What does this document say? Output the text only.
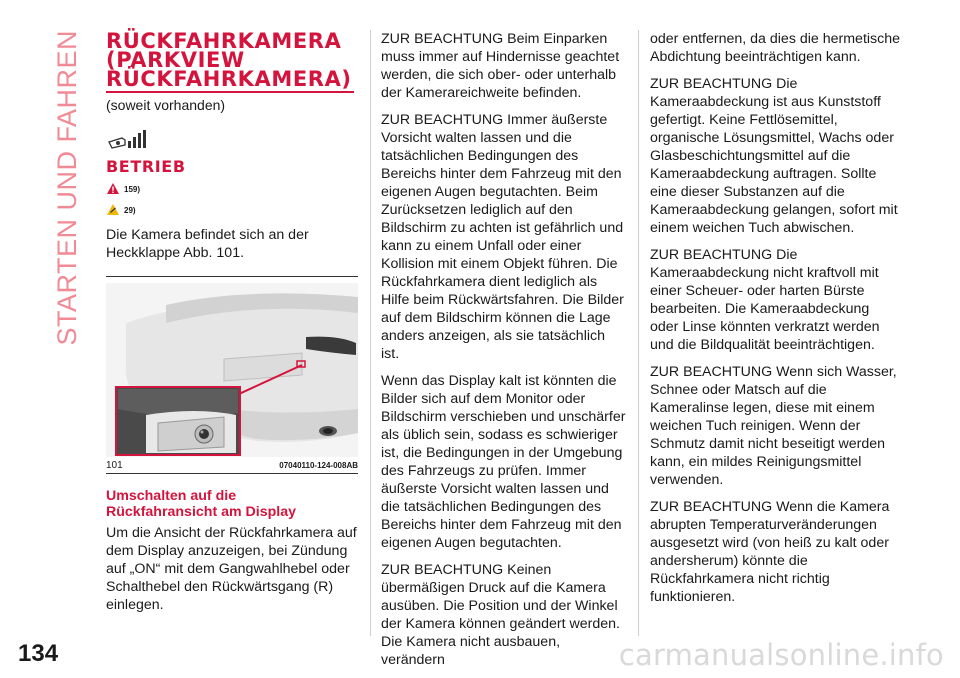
STARTEN UND FAHREN RÜCKFAHRKAMERA
(PARKVIEW
RÜCKFAHRKAMERA)
(soweit vorhanden)
BETRIEB
159)
29)
Die Kamera befindet sich an der Heckklappe Abb. 101.
101	07040110-124-008AB
Umschalten auf die
Rückfahransicht am Display
Um die Ansicht der Rückfahrkamera auf dem Display anzuzeigen, bei Zündung auf „ON“ mit dem Gangwahlhebel oder Schalthebel den Rückwärtsgang (R) einlegen.

ZUR BEACHTUNG Beim Einparken muss immer auf Hindernisse geachtet werden, die sich ober- oder unterhalb der Kamerareichweite befinden.

ZUR BEACHTUNG Immer äußerste Vorsicht walten lassen und die tatsächlichen Bedingungen des Bereichs hinter dem Fahrzeug mit den eigenen Augen begutachten. Beim Zurücksetzen lediglich auf den Bildschirm zu achten ist gefährlich und kann zu einem Unfall oder einer Kollision mit einem Objekt führen. Die Rückfahrkamera dient lediglich als Hilfe beim Rückwärtsfahren. Die Bilder auf dem Bildschirm können die Lage anders anzeigen, als sie tatsächlich ist.

Wenn das Display kalt ist könnten die Bilder sich auf dem Monitor oder Bildschirm verschieben und unschärfer als üblich sein, sodass es schwieriger ist, die Bedingungen in der Umgebung des Fahrzeugs zu prüfen. Immer äußerste Vorsicht walten lassen und die tatsächlichen Bedingungen des Bereichs hinter dem Fahrzeug mit den eigenen Augen begutachten.

ZUR BEACHTUNG Keinen übermäßigen Druck auf die Kamera ausüben. Die Position und der Winkel der Kamera können geändert werden. Die Kamera nicht ausbauen, verändern

oder entfernen, da dies die hermetische Abdichtung beeinträchtigen kann.

ZUR BEACHTUNG Die Kameraabdeckung ist aus Kunststoff gefertigt. Keine Fettlösemittel, organische Lösungsmittel, Wachs oder Glasbeschichtungsmittel auf die Kameraabdeckung auftragen. Sollte eine dieser Substanzen auf die Kameraabdeckung gelangen, sofort mit einem weichen Tuch abwischen.

ZUR BEACHTUNG Die Kameraabdeckung nicht kraftvoll mit einer Scheuer- oder harten Bürste bearbeiten. Die Kameraabdeckung oder Linse könnten verkratzt werden und die Bildqualität beeinträchtigen.

ZUR BEACHTUNG Wenn sich Wasser, Schnee oder Matsch auf die Kameralinse legen, diese mit einem weichen Tuch reinigen. Wenn der Schmutz damit nicht beseitigt werden kann, ein mildes Reinigungsmittel verwenden.

ZUR BEACHTUNG Wenn die Kamera abrupten Temperaturveränderungen ausgesetzt wird (von heiß zu kalt oder andersherum) könnte die Rückfahrkamera nicht richtig funktionieren.

134	carmanualsonline.info
